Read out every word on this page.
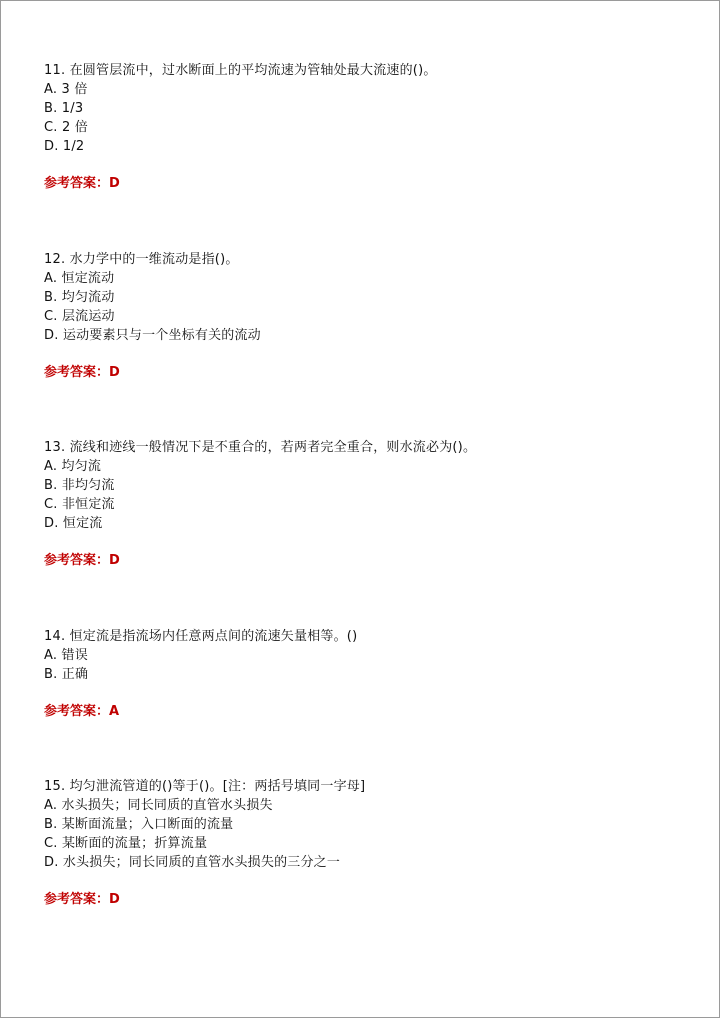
11. 在圆管层流中，过水断面上的平均流速为管轴处最大流速的()。
A. 3 倍
B. 1/3
C. 2 倍
D. 1/2
参考答案：D
12. 水力学中的一维流动是指()。
A. 恒定流动
B. 均匀流动
C. 层流运动
D. 运动要素只与一个坐标有关的流动
参考答案：D
13. 流线和迹线一般情况下是不重合的，若两者完全重合，则水流必为()。
A. 均匀流
B. 非均匀流
C. 非恒定流
D. 恒定流
参考答案：D
14. 恒定流是指流场内任意两点间的流速矢量相等。()
A. 错误
B. 正确
参考答案：A
15. 均匀泄流管道的()等于()。[注：两括号填同一字母]
A. 水头损失；同长同质的直管水头损失
B. 某断面流量；入口断面的流量
C. 某断面的流量；折算流量
D. 水头损失；同长同质的直管水头损失的三分之一
参考答案：D
